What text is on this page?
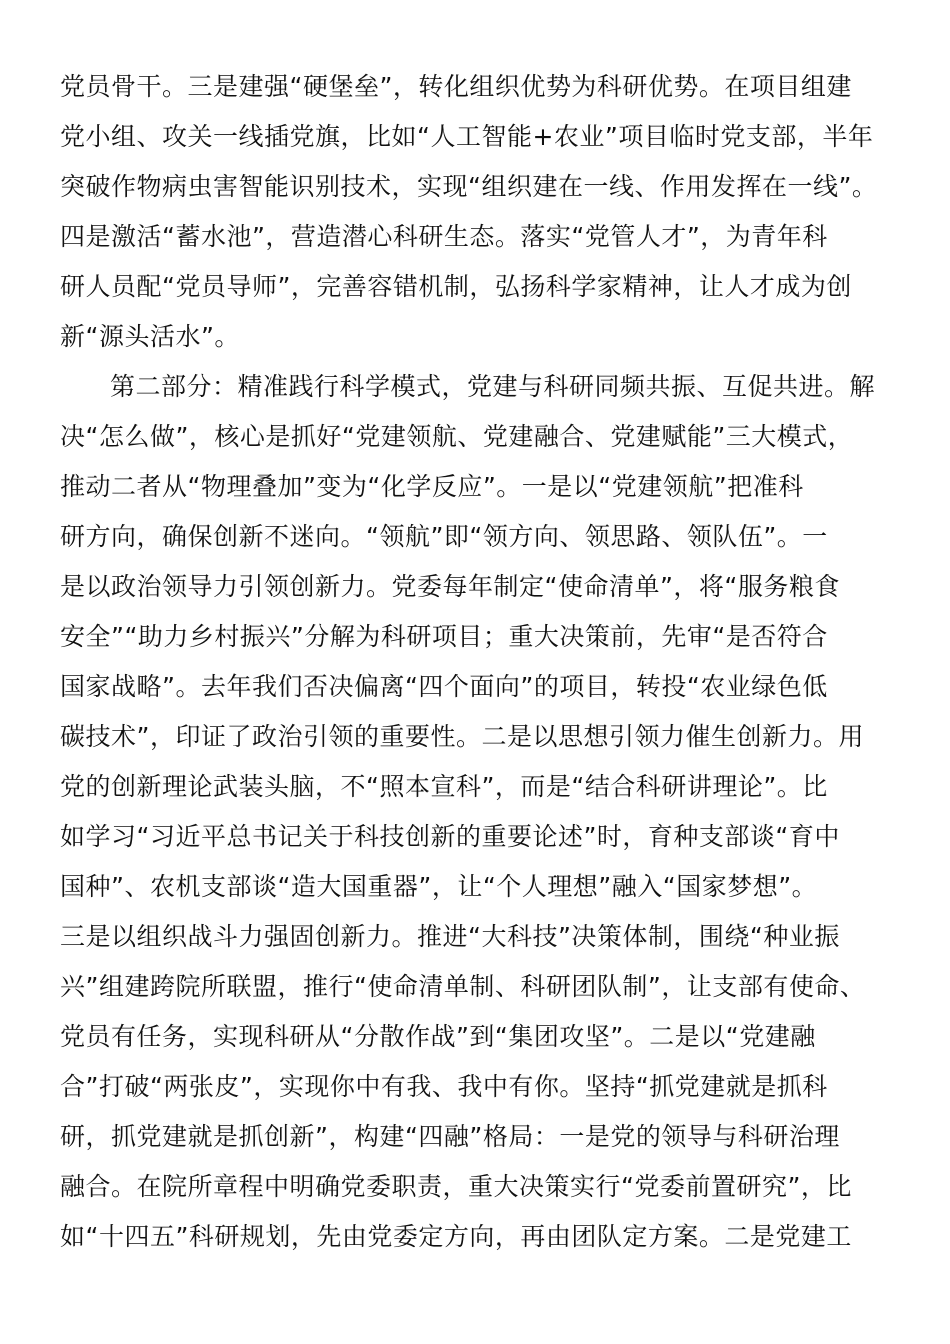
党员骨干。三是建强“硬堡垒”，转化组织优势为科研优势。在项目组建
党小组、攻关一线插党旗，比如“人工智能+农业”项目临时党支部，半年
突破作物病虫害智能识别技术，实现“组织建在一线、作用发挥在一线”。
四是激活“蓄水池”，营造潜心科研生态。落实“党管人才”，为青年科
研人员配“党员导师”，完善容错机制，弘扬科学家精神，让人才成为创
新“源头活水”。
第二部分：精准践行科学模式，党建与科研同频共振、互促共进。解
决“怎么做”，核心是抓好“党建领航、党建融合、党建赋能”三大模式，
推动二者从“物理叠加”变为“化学反应”。一是以“党建领航”把准科
研方向，确保创新不迷向。“领航”即“领方向、领思路、领队伍”。一
是以政治领导力引领创新力。党委每年制定“使命清单”，将“服务粮食
安全”“助力乡村振兴”分解为科研项目；重大决策前，先审“是否符合
国家战略”。去年我们否决偏离“四个面向”的项目，转投“农业绿色低
碳技术”，印证了政治引领的重要性。二是以思想引领力催生创新力。用
党的创新理论武装头脑，不“照本宣科”，而是“结合科研讲理论”。比
如学习“习近平总书记关于科技创新的重要论述”时，育种支部谈“育中
国种”、农机支部谈“造大国重器”，让“个人理想”融入“国家梦想”。
三是以组织战斗力强固创新力。推进“大科技”决策体制，围绕“种业振
兴”组建跨院所联盟，推行“使命清单制、科研团队制”，让支部有使命、
党员有任务，实现科研从“分散作战”到“集团攻坚”。二是以“党建融
合”打破“两张皮”，实现你中有我、我中有你。坚持“抓党建就是抓科
研，抓党建就是抓创新”，构建“四融”格局：一是党的领导与科研治理
融合。在院所章程中明确党委职责，重大决策实行“党委前置研究”，比
如“十四五”科研规划，先由党委定方向，再由团队定方案。二是党建工
